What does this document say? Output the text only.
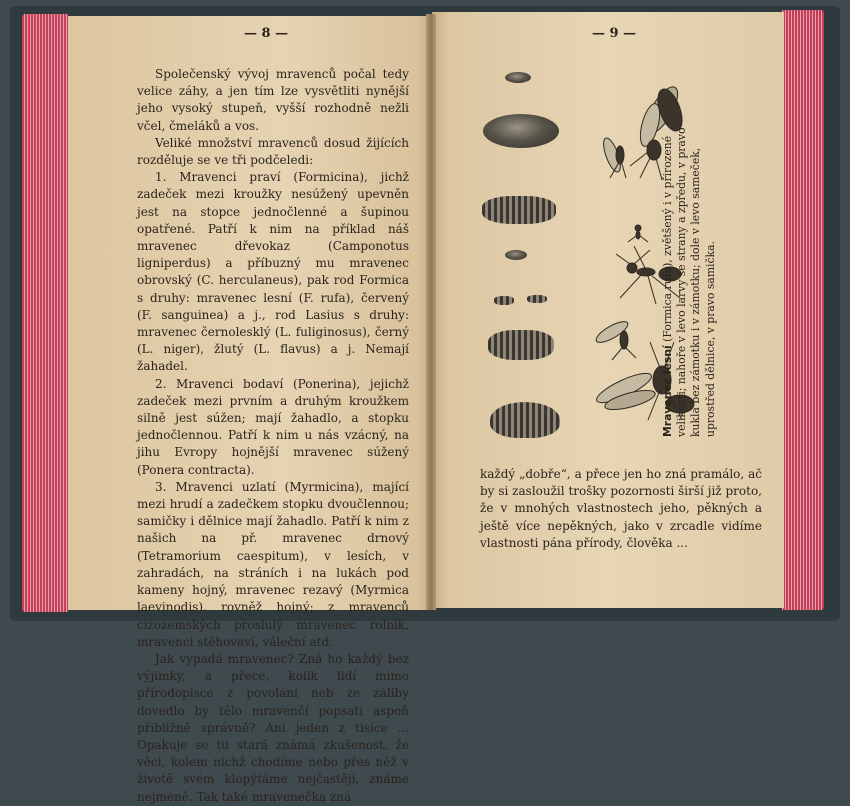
— 8 —	— 9 —

Společenský vývoj mravenců počal tedy velice záhy, a jen tím lze vysvětliti nynější jeho vysoký stupeň, vyšší rozhodně nežli včel, čmeláků a vos.

Veliké množství mravenců dosud žijících rozděluje se ve tři podčeledi:

1. Mravenci praví (Formicina), jichž zadeček mezi kroužky nesúžený upevněn jest na stopce jednočlenné a šupinou opatřené. Patří k nim na příklad náš mravenec dřevokaz (Camponotus ligniperdus) a příbuzný mu mravenec obrovský (C. herculaneus), pak rod Formica s druhy: mravenec lesní (F. rufa), červený (F. sanguinea) a j., rod Lasius s druhy: mravenec černolesklý (L. fuliginosus), černý (L. niger), žlutý (L. flavus) a j. Nemají žahadel.

2. Mravenci bodaví (Ponerina), jejichž zadeček mezi prvním a druhým kroužkem silně jest súžen; mají žahadlo, a stopku jednočlennou. Patří k nim u nás vzácný, na jihu Evropy hojnější mravenec súžený (Ponera contracta).

3. Mravenci uzlatí (Myrmicina), mající mezi hrudí a zadečkem stopku dvoučlennou; samičky i dělnice mají žahadlo. Patří k nim z našich na př. mravenec drnový (Tetramorium caespitum), v lesích, v zahradách, na stráních i na lukách pod kameny hojný, mravenec rezavý (Myrmica laevinodis), rovněž hojný; z mravenců cizozemských proslulý mravenec rolník, mravenci stěhovaví, váleční atd.

Jak vypadá mravenec? Zná ho každý bez výjimky, a přece, kolik lidí mimo přírodopisce z povolání neb ze záliby dovedlo by tělo mravenčí popsati aspoň přibližně správně? Ani jeden z tisíce ... Opakuje se tu stará známá zkušenost, že věci, kolem nichž chodíme nebo přes něž v životě svém klopýtáme nejčastěji, známe nejméně. Tak také mravenečka zná

Mravenec lesní (Formica rufa), zvětšený i v přirozené velikosti; nahoře v levo larvy se strany a zpředu, v pravo kukla bez zámotku i v zámotku; dole v levo sameček, uprostřed dělnice, v pravo samička.

každý „dobře“, a přece jen ho zná pramálo, ač by si zasloužil trošky pozornosti širší již proto, že v mnohých vlastnostech jeho, pěkných a ještě více nepěkných, jako v zrcadle vidíme vlastnosti pána přírody, člověka ...
